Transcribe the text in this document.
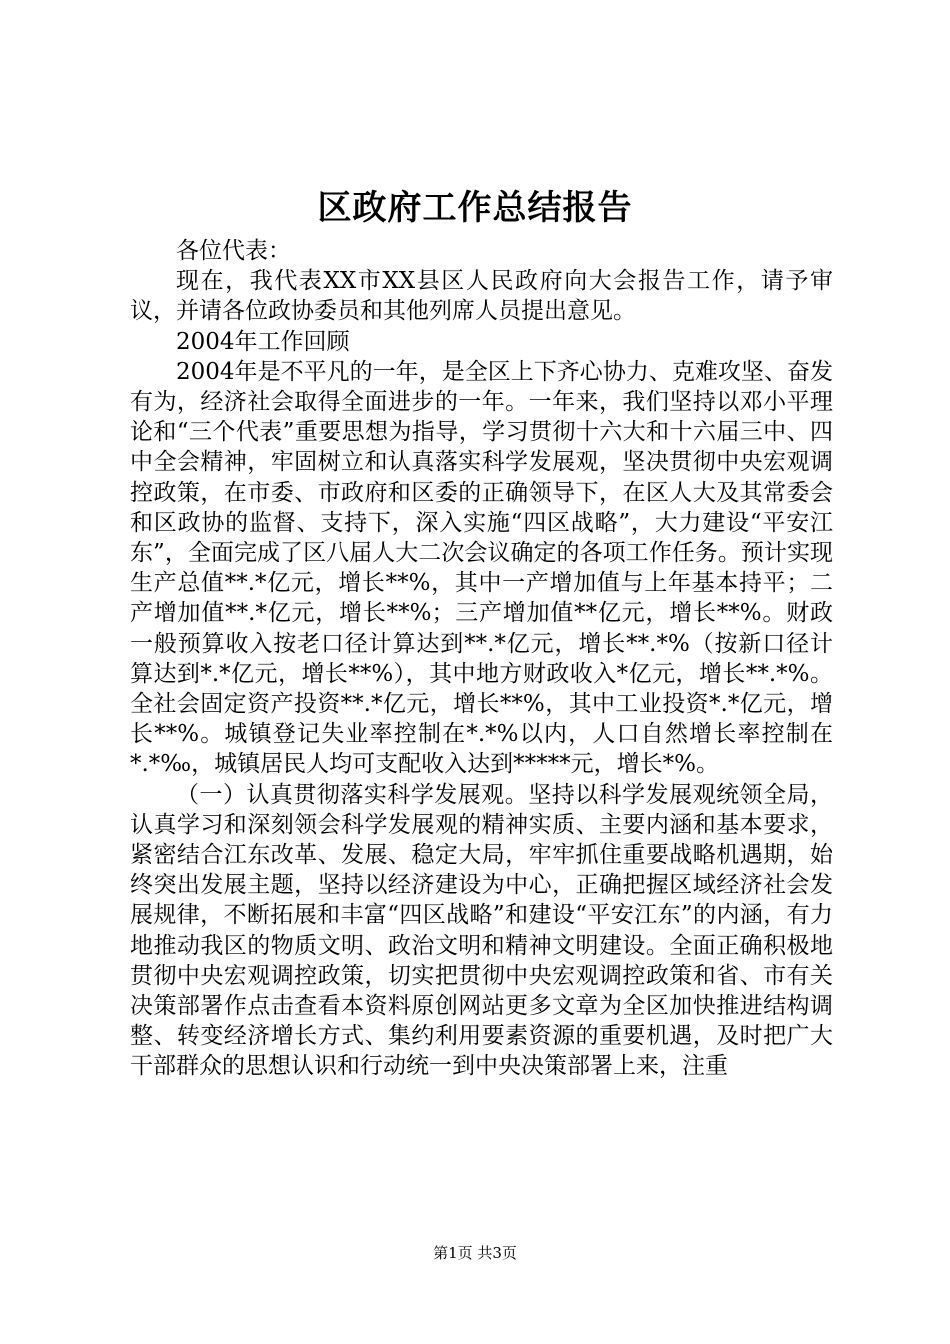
区政府工作总结报告

各位代表：

现在，我代表XX市XX县区人民政府向大会报告工作，请予审议，并请各位政协委员和其他列席人员提出意见。

2004年工作回顾

2004年是不平凡的一年，是全区上下齐心协力、克难攻坚、奋发有为，经济社会取得全面进步的一年。一年来，我们坚持以邓小平理论和“三个代表”重要思想为指导，学习贯彻十六大和十六届三中、四中全会精神，牢固树立和认真落实科学发展观，坚决贯彻中央宏观调控政策，在市委、市政府和区委的正确领导下，在区人大及其常委会和区政协的监督、支持下，深入实施“四区战略”，大力建设“平安江东”，全面完成了区八届人大二次会议确定的各项工作任务。预计实现生产总值**.*亿元，增长**%，其中一产增加值与上年基本持平；二产增加值**.*亿元，增长**%；三产增加值**亿元，增长**%。财政一般预算收入按老口径计算达到**.*亿元，增长**.*%（按新口径计算达到*.*亿元，增长**%），其中地方财政收入*亿元，增长**.*%。全社会固定资产投资**.*亿元，增长**%，其中工业投资*.*亿元，增长**%。城镇登记失业率控制在*.*%以内，人口自然增长率控制在*.*‰，城镇居民人均可支配收入达到*****元，增长*%。

（一）认真贯彻落实科学发展观。坚持以科学发展观统领全局，认真学习和深刻领会科学发展观的精神实质、主要内涵和基本要求，紧密结合江东改革、发展、稳定大局，牢牢抓住重要战略机遇期，始终突出发展主题，坚持以经济建设为中心，正确把握区域经济社会发展规律，不断拓展和丰富“四区战略”和建设“平安江东”的内涵，有力地推动我区的物质文明、政治文明和精神文明建设。全面正确积极地贯彻中央宏观调控政策，切实把贯彻中央宏观调控政策和省、市有关决策部署作点击查看本资料原创网站更多文章为全区加快推进结构调整、转变经济增长方式、集约利用要素资源的重要机遇，及时把广大干部群众的思想认识和行动统一到中央决策部署上来，注重

第1页 共3页
